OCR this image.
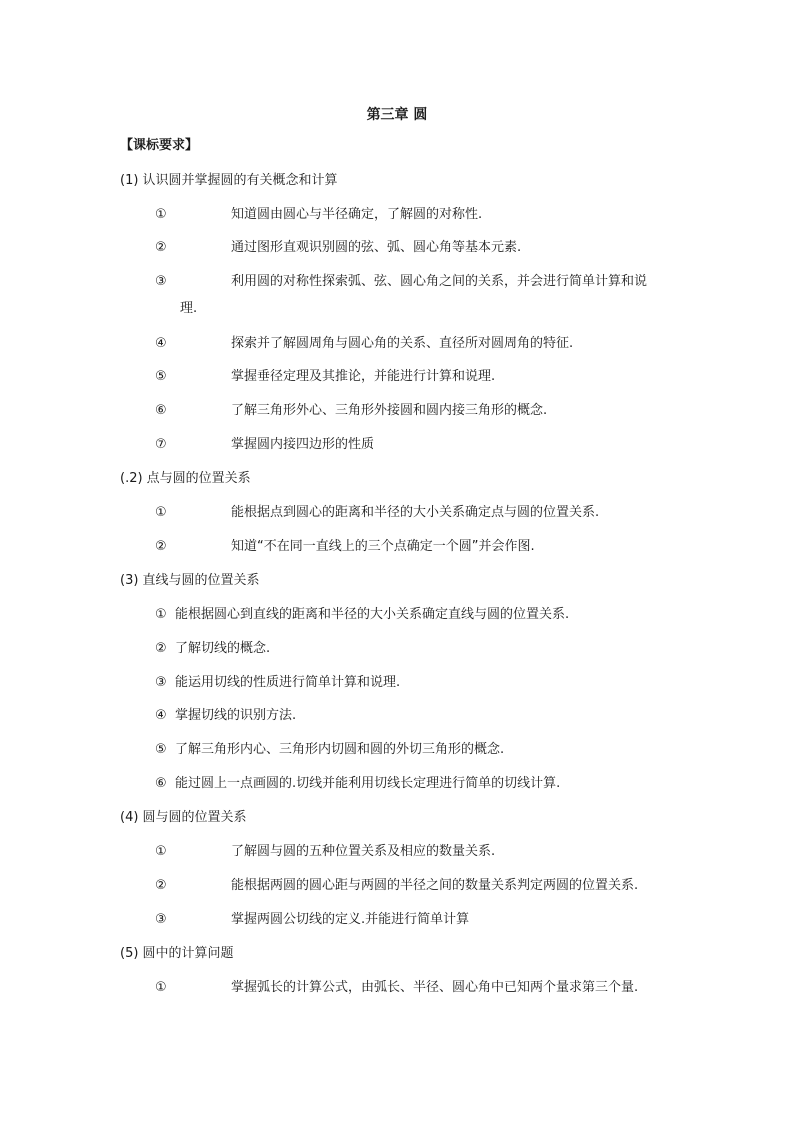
第三章 圆
【课标要求】
(1) 认识圆并掌握圆的有关概念和计算
①	知道圆由圆心与半径确定，了解圆的对称性.
②	通过图形直观识别圆的弦、弧、圆心角等基本元素.
③	利用圆的对称性探索弧、弦、圆心角之间的关系，并会进行简单计算和说
理.
④	探索并了解圆周角与圆心角的关系、直径所对圆周角的特征.
⑤	掌握垂径定理及其推论，并能进行计算和说理.
⑥	了解三角形外心、三角形外接圆和圆内接三角形的概念.
⑦	掌握圆内接四边形的性质
(.2) 点与圆的位置关系
①	能根据点到圆心的距离和半径的大小关系确定点与圆的位置关系.
②	知道“不在同一直线上的三个点确定一个圆”并会作图.
(3) 直线与圆的位置关系
① 能根据圆心到直线的距离和半径的大小关系确定直线与圆的位置关系.
② 了解切线的概念.
③ 能运用切线的性质进行简单计算和说理.
④ 掌握切线的识别方法.
⑤ 了解三角形内心、三角形内切圆和圆的外切三角形的概念.
⑥ 能过圆上一点画圆的.切线并能利用切线长定理进行简单的切线计算.
(4) 圆与圆的位置关系
①	了解圆与圆的五种位置关系及相应的数量关系.
②	能根据两圆的圆心距与两圆的半径之间的数量关系判定两圆的位置关系.
③	掌握两圆公切线的定义.并能进行简单计算
(5) 圆中的计算问题
①	掌握弧长的计算公式，由弧长、半径、圆心角中已知两个量求第三个量.
